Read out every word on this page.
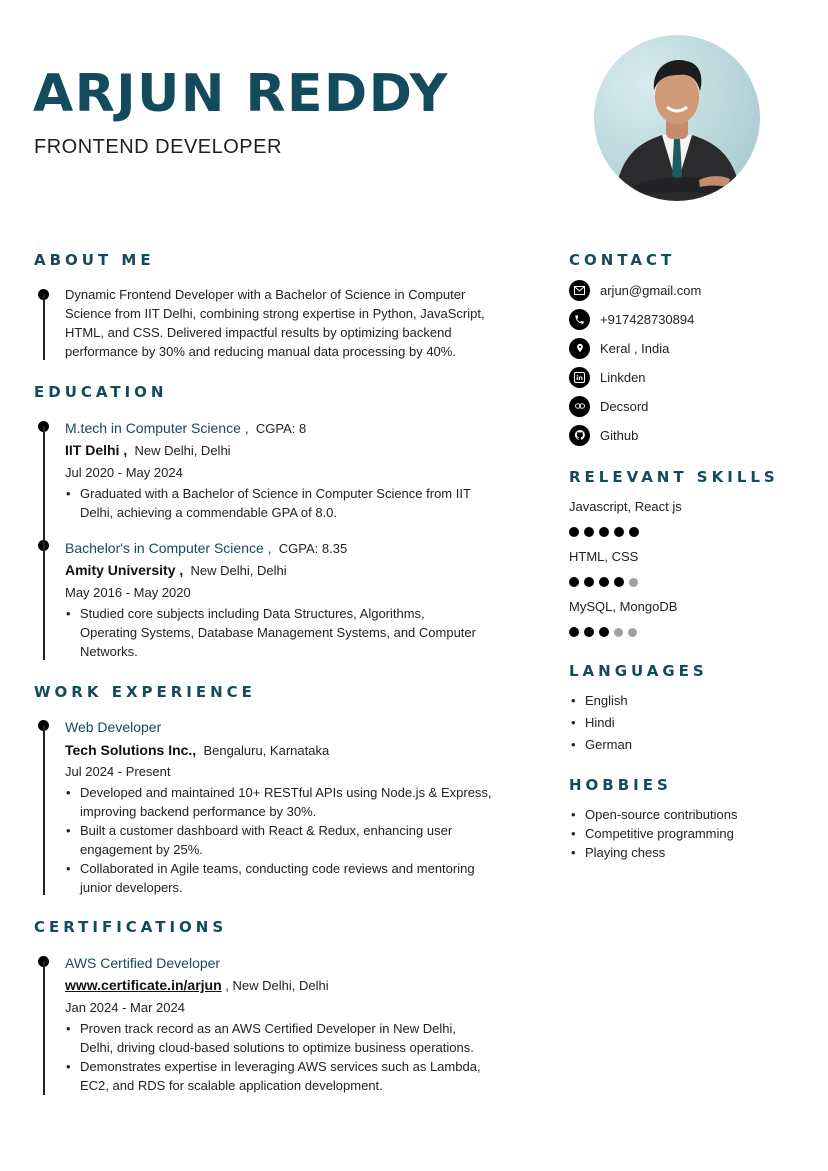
ARJUN REDDY
FRONTEND DEVELOPER
ABOUT ME
Dynamic Frontend Developer with a Bachelor of Science in Computer
Science from IIT Delhi, combining strong expertise in Python, JavaScript,
HTML, and CSS. Delivered impactful results by optimizing backend
performance by 30% and reducing manual data processing by 40%.
EDUCATION
M.tech in Computer Science , CGPA: 8
IIT Delhi , New Delhi, Delhi
Jul 2020 - May 2024
• Graduated with a Bachelor of Science in Computer Science from IIT
Delhi, achieving a commendable GPA of 8.0.
Bachelor's in Computer Science , CGPA: 8.35
Amity University , New Delhi, Delhi
May 2016 - May 2020
• Studied core subjects including Data Structures, Algorithms,
Operating Systems, Database Management Systems, and Computer
Networks.
WORK EXPERIENCE
Web Developer
Tech Solutions Inc., Bengaluru, Karnataka
Jul 2024 - Present
• Developed and maintained 10+ RESTful APIs using Node.js & Express,
improving backend performance by 30%.
• Built a customer dashboard with React & Redux, enhancing user
engagement by 25%.
• Collaborated in Agile teams, conducting code reviews and mentoring
junior developers.
CERTIFICATIONS
AWS Certified Developer
www.certificate.in/arjun , New Delhi, Delhi
Jan 2024 - Mar 2024
• Proven track record as an AWS Certified Developer in New Delhi,
Delhi, driving cloud-based solutions to optimize business operations.
• Demonstrates expertise in leveraging AWS services such as Lambda,
EC2, and RDS for scalable application development.
CONTACT
arjun@gmail.com
+917428730894
Keral , India
in Linkden
Decsord
Github
RELEVANT SKILLS
Javascript, React js
HTML, CSS
MySQL, MongoDB
LANGUAGES
• English
• Hindi
• German
HOBBIES
• Open-source contributions
• Competitive programming
• Playing chess
